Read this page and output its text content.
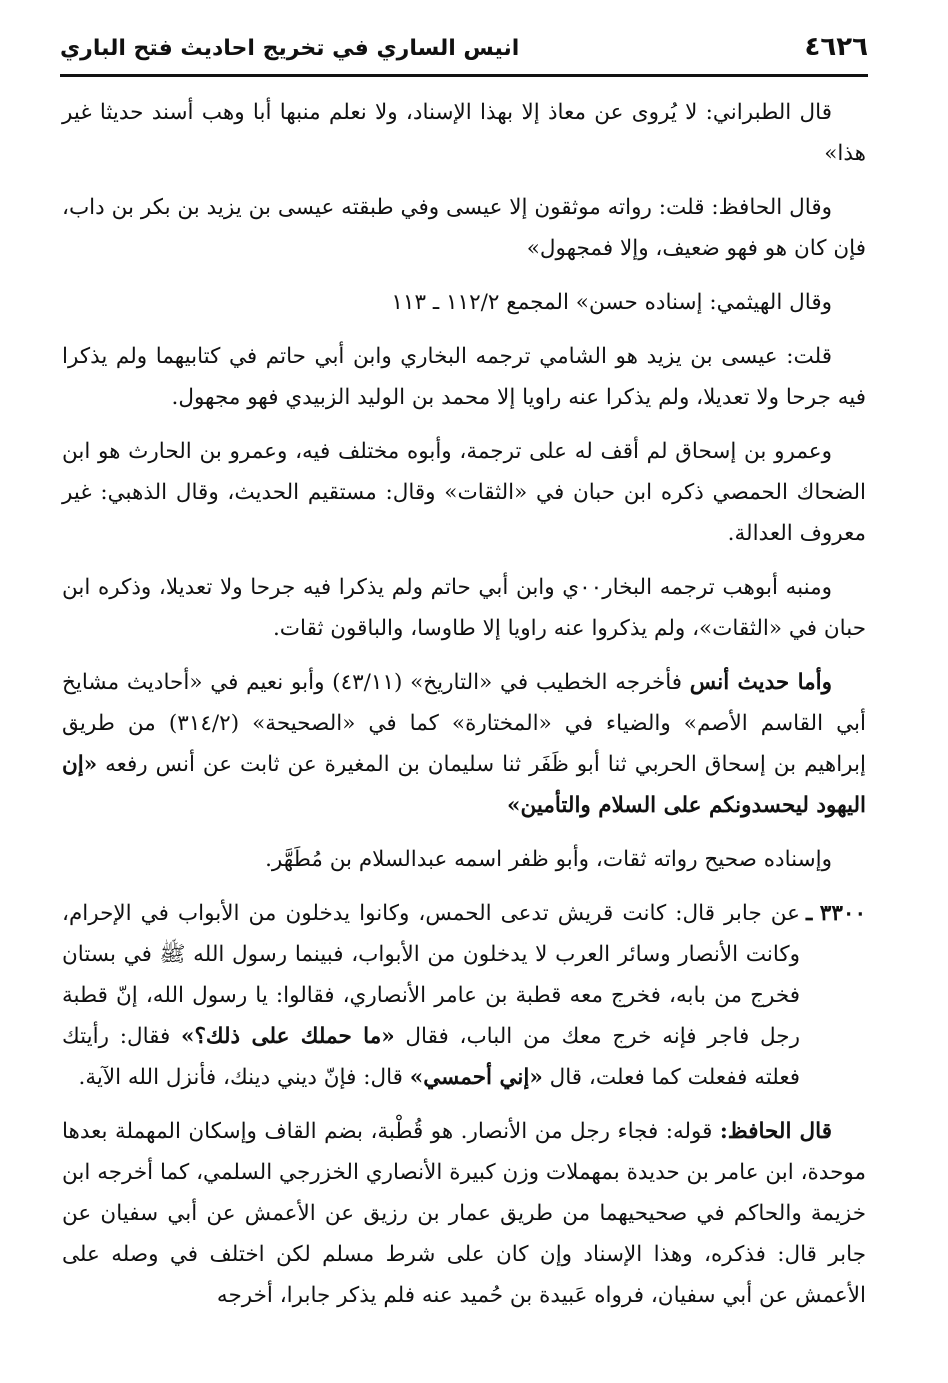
٤٦٢٦
انيس الساري في تخريج احاديث فتح الباري

قال الطبراني: لا يُروى عن معاذ إلا بهذا الإسناد، ولا نعلم منبها أبا وهب أسند حديثا غير هذا»

وقال الحافظ: قلت: رواته موثقون إلا عيسى وفي طبقته عيسى بن يزيد بن بكر بن داب، فإن كان هو فهو ضعيف، وإلا فمجهول»

وقال الهيثمي: إسناده حسن» المجمع ١١٢/٢ ـ ١١٣

قلت: عيسى بن يزيد هو الشامي ترجمه البخاري وابن أبي حاتم في كتابيهما ولم يذكرا فيه جرحا ولا تعديلا، ولم يذكرا عنه راويا إلا محمد بن الوليد الزبيدي فهو مجهول.

وعمرو بن إسحاق لم أقف له على ترجمة، وأبوه مختلف فيه، وعمرو بن الحارث هو ابن الضحاك الحمصي ذكره ابن حبان في «الثقات» وقال: مستقيم الحديث، وقال الذهبي: غير معروف العدالة.

ومنبه أبوهب ترجمه البخار٠٠ي وابن أبي حاتم ولم يذكرا فيه جرحا ولا تعديلا، وذكره ابن حبان في «الثقات»، ولم يذكروا عنه راويا إلا طاوسا، والباقون ثقات.

وأما حديث أنس فأخرجه الخطيب في «التاريخ» (٤٣/١١) وأبو نعيم في «أحاديث مشايخ أبي القاسم الأصم» والضياء في «المختارة» كما في «الصحيحة» (٣١٤/٢) من طريق إبراهيم بن إسحاق الحربي ثنا أبو ظَفَر ثنا سليمان بن المغيرة عن ثابت عن أنس رفعه «إن اليهود ليحسدونكم على السلام والتأمين»

وإسناده صحيح رواته ثقات، وأبو ظفر اسمه عبدالسلام بن مُطَهَّر.

٣٣٠٠ ـ
عن جابر قال: كانت قريش تدعى الحمس، وكانوا يدخلون من الأبواب في الإحرام، وكانت الأنصار وسائر العرب لا يدخلون من الأبواب، فبينما رسول الله ﷺ في بستان فخرج من بابه، فخرج معه قطبة بن عامر الأنصاري، فقالوا: يا رسول الله، إنّ قطبة رجل فاجر فإنه خرج معك من الباب، فقال «ما حملك على ذلك؟» فقال: رأيتك فعلته ففعلت كما فعلت، قال «إني أحمسي» قال: فإنّ ديني دينك، فأنزل الله الآية.

قال الحافظ: قوله: فجاء رجل من الأنصار. هو قُطْبة، بضم القاف وإسكان المهملة بعدها موحدة، ابن عامر بن حديدة بمهملات وزن كبيرة الأنصاري الخزرجي السلمي، كما أخرجه ابن خزيمة والحاكم في صحيحيهما من طريق عمار بن رزيق عن الأعمش عن أبي سفيان عن جابر قال: فذكره، وهذا الإسناد وإن كان على شرط مسلم لكن اختلف في وصله على الأعمش عن أبي سفيان، فرواه عَبيدة بن حُميد عنه فلم يذكر جابرا، أخرجه
